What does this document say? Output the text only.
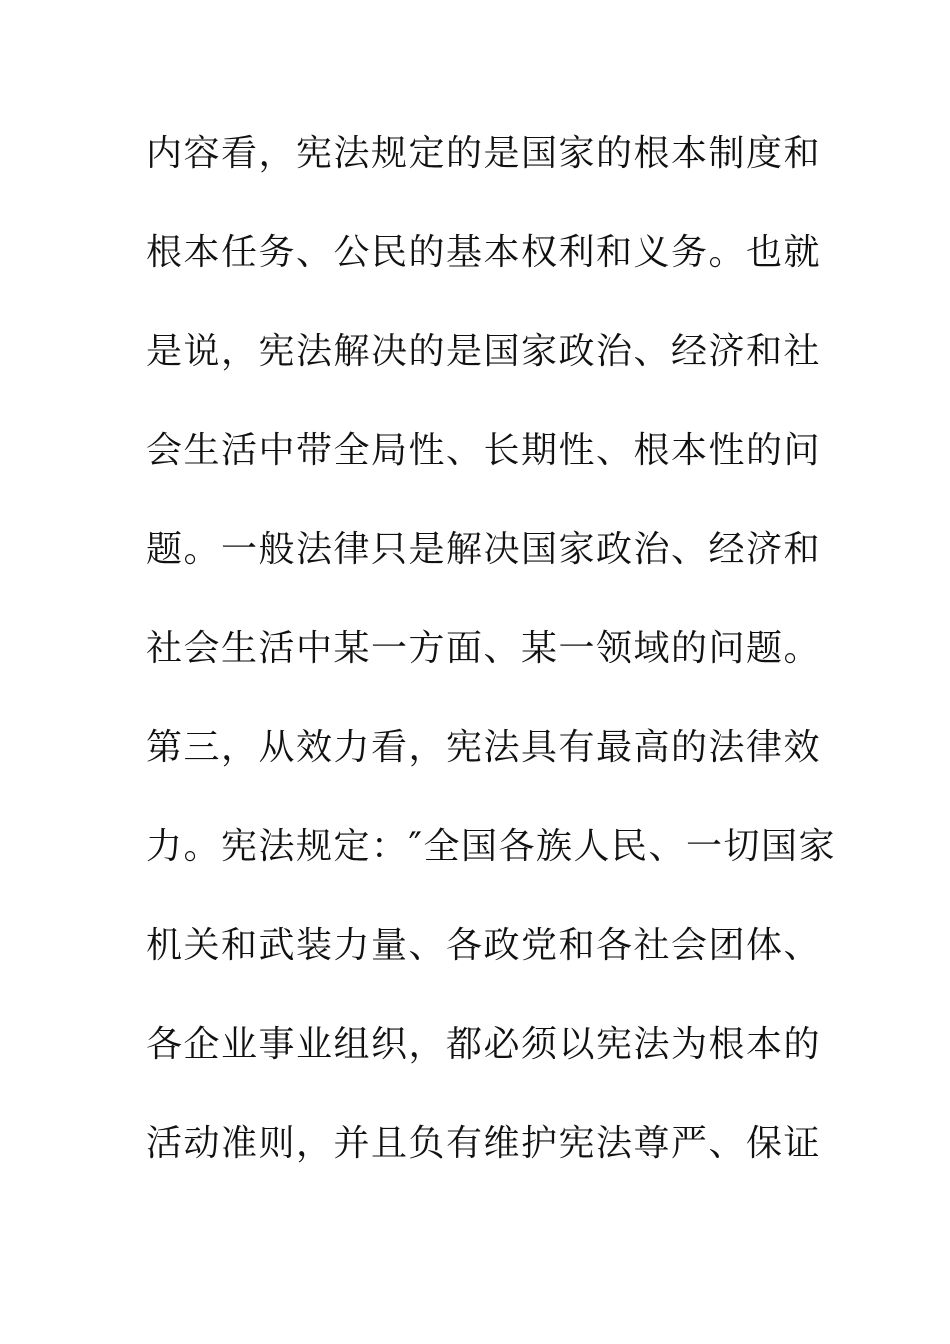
内容看，宪法规定的是国家的根本制度和
根本任务、公民的基本权利和义务。也就
是说，宪法解决的是国家政治、经济和社
会生活中带全局性、长期性、根本性的问
题。一般法律只是解决国家政治、经济和
社会生活中某一方面、某一领域的问题。
第三，从效力看，宪法具有最高的法律效
力。宪法规定：″全国各族人民、一切国家
机关和武装力量、各政党和各社会团体、
各企业事业组织，都必须以宪法为根本的
活动准则，并且负有维护宪法尊严、保证
